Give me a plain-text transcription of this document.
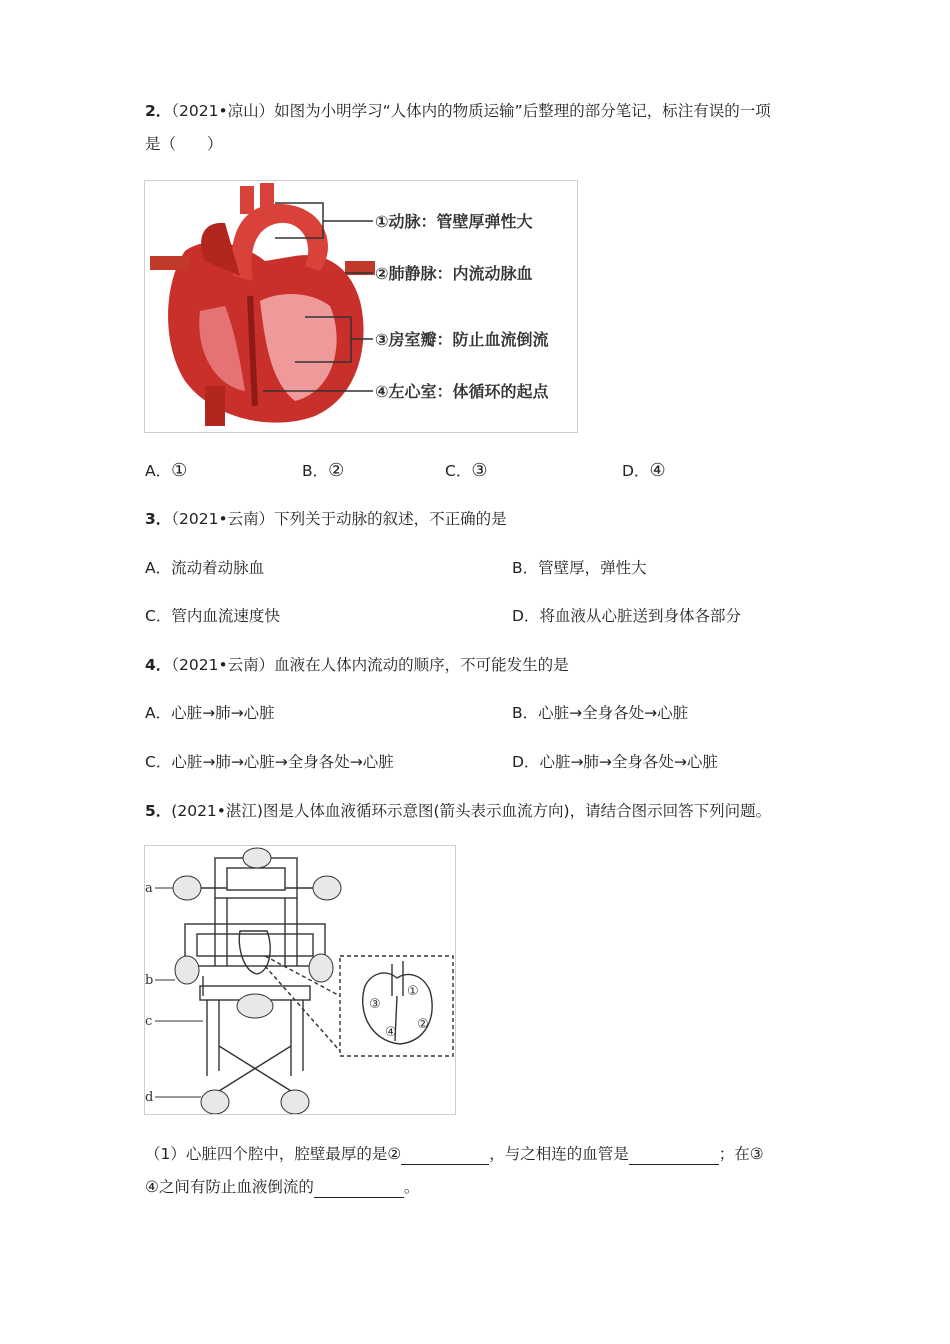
2．（2021•凉山）如图为小明学习“人体内的物质运输”后整理的部分笔记，标注有误的一项
是（　　）
①动脉：管壁厚弹性大
②肺静脉：内流动脉血
③房室瓣：防止血流倒流
④左心室：体循环的起点
A．①	B．②	C．③	D．④
3．（2021•云南）下列关于动脉的叙述，不正确的是
A．流动着动脉血	B．管壁厚，弹性大
C．管内血流速度快	D．将血液从心脏送到身体各部分
4．（2021•云南）血液在人体内流动的顺序，不可能发生的是
A．心脏→肺→心脏	B．心脏→全身各处→心脏
C．心脏→肺→心脏→全身各处→心脏	D．心脏→肺→全身各处→心脏
5．(2021•湛江)图是人体血液循环示意图(箭头表示血流方向)，请结合图示回答下列问题。
a
b
c
d
①
②
③
④
（1）心脏四个腔中，腔壁最厚的是②	，与之相连的血管是	；在③
④之间有防止血液倒流的	。
